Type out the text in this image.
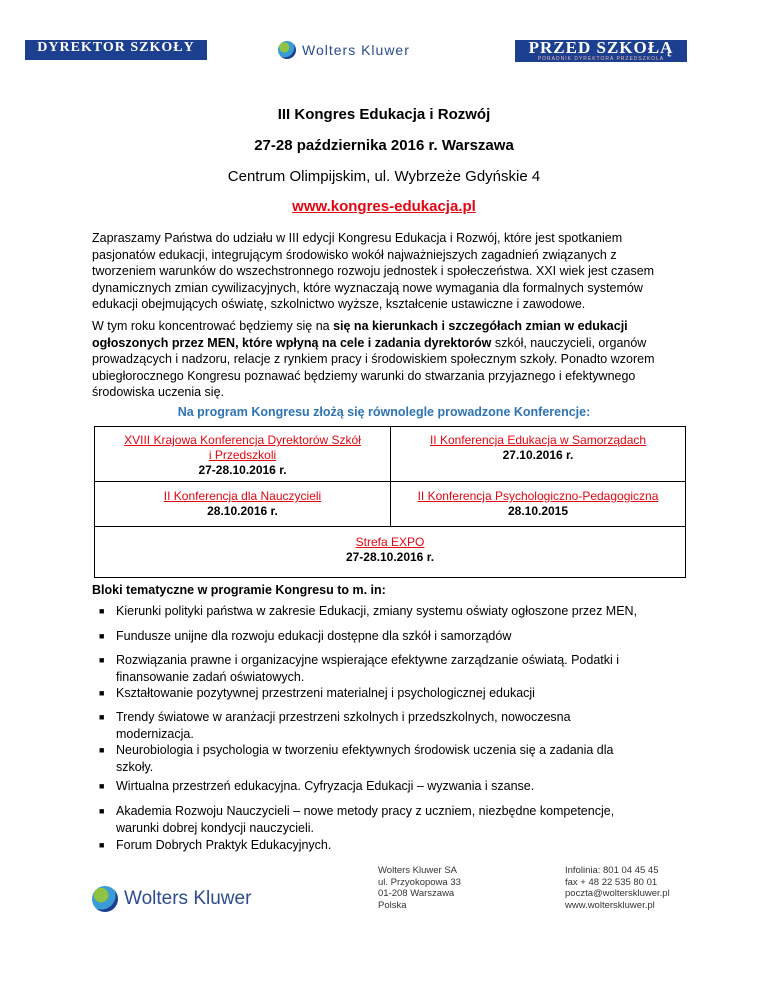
DYREKTOR SZKOŁY	Wolters Kluwer	PRZED SZKOŁĄ
PORADNIK DYREKTORA PRZEDSZKOLA
III Kongres Edukacja i Rozwój
27-28 października 2016 r. Warszawa
Centrum Olimpijskim, ul. Wybrzeże Gdyńskie 4
www.kongres-edukacja.pl
Zapraszamy Państwa do udziału w III edycji Kongresu Edukacja i Rozwój, które jest spotkaniem pasjonatów edukacji, integrującym środowisko wokół najważniejszych zagadnień związanych z tworzeniem warunków do wszechstronnego rozwoju jednostek i społeczeństwa. XXI wiek jest czasem dynamicznych zmian cywilizacyjnych, które wyznaczają nowe wymagania dla formalnych systemów edukacji obejmujących oświatę, szkolnictwo wyższe, kształcenie ustawiczne i zawodowe.
W tym roku koncentrować będziemy się na się na kierunkach i szczegółach zmian w edukacji ogłoszonych przez MEN, które wpłyną na cele i zadania dyrektorów szkół, nauczycieli, organów prowadzących i nadzoru, relacje z rynkiem pracy i środowiskiem społecznym szkoły. Ponadto wzorem ubiegłorocznego Kongresu poznawać będziemy warunki do stwarzania przyjaznego i efektywnego środowiska uczenia się.
Na program Kongresu złożą się równolegle prowadzone Konferencje:
XVIII Krajowa Konferencja Dyrektorów Szkół
i Przedszkoli
27-28.10.2016 r.
II Konferencja Edukacja w Samorządach
27.10.2016 r.
II Konferencja dla Nauczycieli
28.10.2016 r.
II Konferencja Psychologiczno-Pedagogiczna
28.10.2015
Strefa EXPO
27-28.10.2016 r.
Bloki tematyczne w programie Kongresu to m. in:
■ Kierunki polityki państwa w zakresie Edukacji, zmiany systemu oświaty ogłoszone przez MEN,
■ Fundusze unijne dla rozwoju edukacji dostępne dla szkół i samorządów
■ Rozwiązania prawne i organizacyjne wspierające efektywne zarządzanie oświatą. Podatki i
finansowanie zadań oświatowych.
■ Kształtowanie pozytywnej przestrzeni materialnej i psychologicznej edukacji
■ Trendy światowe w aranżacji przestrzeni szkolnych i przedszkolnych, nowoczesna
modernizacja.
■ Neurobiologia i psychologia w tworzeniu efektywnych środowisk uczenia się a zadania dla
szkoły.
■ Wirtualna przestrzeń edukacyjna. Cyfryzacja Edukacji – wyzwania i szanse.
■ Akademia Rozwoju Nauczycieli – nowe metody pracy z uczniem, niezbędne kompetencje,
warunki dobrej kondycji nauczycieli.
■ Forum Dobrych Praktyk Edukacyjnych.
Wolters Kluwer
Wolters Kluwer SA
ul. Przyokopowa 33
01-208 Warszawa
Polska
Infolinia: 801 04 45 45
fax + 48 22 535 80 01
poczta@wolterskluwer.pl
www.wolterskluwer.pl
